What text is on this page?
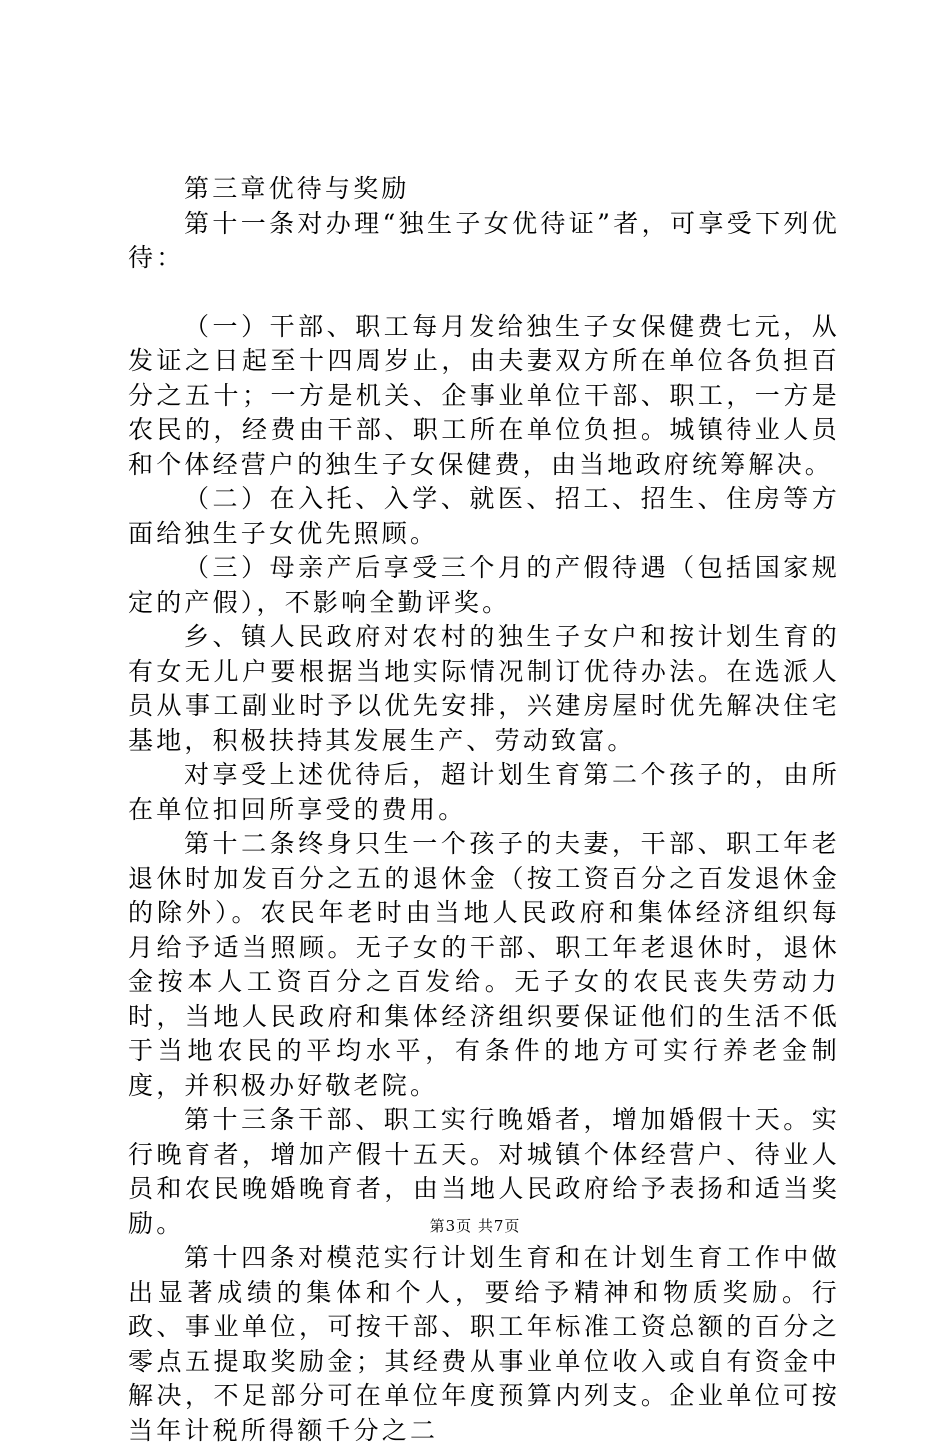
第三章优待与奖励

第十一条对办理“独生子女优待证”者，可享受下列优待：

（一）干部、职工每月发给独生子女保健费七元，从发证之日起至十四周岁止，由夫妻双方所在单位各负担百分之五十；一方是机关、企事业单位干部、职工，一方是农民的，经费由干部、职工所在单位负担。城镇待业人员和个体经营户的独生子女保健费，由当地政府统筹解决。

（二）在入托、入学、就医、招工、招生、住房等方面给独生子女优先照顾。

（三）母亲产后享受三个月的产假待遇（包括国家规定的产假），不影响全勤评奖。

乡、镇人民政府对农村的独生子女户和按计划生育的有女无儿户要根据当地实际情况制订优待办法。在选派人员从事工副业时予以优先安排，兴建房屋时优先解决住宅基地，积极扶持其发展生产、劳动致富。

对享受上述优待后，超计划生育第二个孩子的，由所在单位扣回所享受的费用。

第十二条终身只生一个孩子的夫妻，干部、职工年老退休时加发百分之五的退休金（按工资百分之百发退休金的除外）。农民年老时由当地人民政府和集体经济组织每月给予适当照顾。无子女的干部、职工年老退休时，退休金按本人工资百分之百发给。无子女的农民丧失劳动力时，当地人民政府和集体经济组织要保证他们的生活不低于当地农民的平均水平，有条件的地方可实行养老金制度，并积极办好敬老院。

第十三条干部、职工实行晚婚者，增加婚假十天。实行晚育者，增加产假十五天。对城镇个体经营户、待业人员和农民晚婚晚育者，由当地人民政府给予表扬和适当奖励。

第十四条对模范实行计划生育和在计划生育工作中做出显著成绩的集体和个人，要给予精神和物质奖励。行政、事业单位，可按干部、职工年标准工资总额的百分之零点五提取奖励金；其经费从事业单位收入或自有资金中解决，不足部分可在单位年度预算内列支。企业单位可按当年计税所得额千分之二

第3页 共7页
